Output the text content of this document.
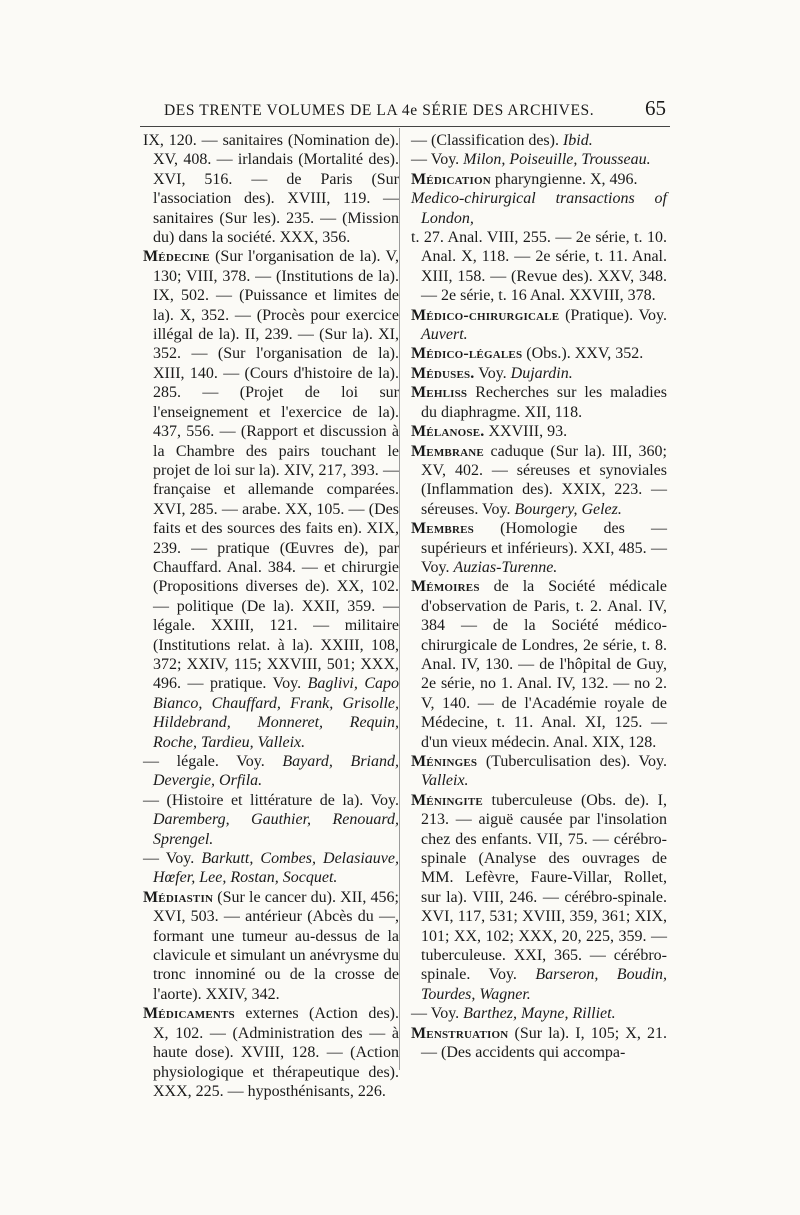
DES TRENTE VOLUMES DE LA 4e SÉRIE DES ARCHIVES. 65

IX, 120. — sanitaires (Nomination de). XV, 408. — irlandais (Mortalité des). XVI, 516. — de Paris (Sur l'association des). XVIII, 119. — sanitaires (Sur les). 235. — (Mission du) dans la société. XXX, 356.

Médecine (Sur l'organisation de la). V, 130; VIII, 378. — (Institutions de la). IX, 502. — (Puissance et limites de la). X, 352. — (Procès pour exercice illégal de la). II, 239. — (Sur la). XI, 352. — (Sur l'organisation de la). XIII, 140. — (Cours d'histoire de la). 285. — (Projet de loi sur l'enseignement et l'exercice de la). 437, 556. — (Rapport et discussion à la Chambre des pairs touchant le projet de loi sur la). XIV, 217, 393. — française et allemande comparées. XVI, 285. — arabe. XX, 105. — (Des faits et des sources des faits en). XIX, 239. — pratique (Œuvres de), par Chauffard. Anal. 384. — et chirurgie (Propositions diverses de). XX, 102. — politique (De la). XXII, 359. — légale. XXIII, 121. — militaire (Institutions relat. à la). XXIII, 108, 372; XXIV, 115; XXVIII, 501; XXX, 496. — pratique. Voy. Baglivi, Capo Bianco, Chauffard, Frank, Grisolle, Hildebrand, Monneret, Requin, Roche, Tardieu, Valleix.

— légale. Voy. Bayard, Briand, Devergie, Orfila.

— (Histoire et littérature de la). Voy. Daremberg, Gauthier, Renouard, Sprengel.

— Voy. Barkutt, Combes, Delasiauve, Hœfer, Lee, Rostan, Socquet.

Médiastin (Sur le cancer du). XII, 456; XVI, 503. — antérieur (Abcès du —, formant une tumeur au-dessus de la clavicule et simulant un anévrysme du tronc innominé ou de la crosse de l'aorte). XXIV, 342.

Médicaments externes (Action des). X, 102. — (Administration des — à haute dose). XVIII, 128. — (Action physiologique et thérapeutique des). XXX, 225. — hyposthénisants, 226.

— (Classification des). Ibid.

— Voy. Milon, Poiseuille, Trousseau.

Médication pharyngienne. X, 496.

Medico-chirurgical transactions of London,

t. 27. Anal. VIII, 255. — 2e série, t. 10. Anal. X, 118. — 2e série, t. 11. Anal. XIII, 158. — (Revue des). XXV, 348. — 2e série, t. 16 Anal. XXVIII, 378.

Médico-chirurgicale (Pratique). Voy. Auvert.

Médico-légales (Obs.). XXV, 352.

Méduses. Voy. Dujardin.

Mehliss Recherches sur les maladies du diaphragme. XII, 118.

Mélanose. XXVIII, 93.

Membrane caduque (Sur la). III, 360; XV, 402. — séreuses et synoviales (Inflammation des). XXIX, 223. — séreuses. Voy. Bourgery, Gelez.

Membres (Homologie des — supérieurs et inférieurs). XXI, 485. — Voy. Auzias-Turenne.

Mémoires de la Société médicale d'observation de Paris, t. 2. Anal. IV, 384 — de la Société médico-chirurgicale de Londres, 2e série, t. 8. Anal. IV, 130. — de l'hôpital de Guy, 2e série, no 1. Anal. IV, 132. — no 2. V, 140. — de l'Académie royale de Médecine, t. 11. Anal. XI, 125. — d'un vieux médecin. Anal. XIX, 128.

Méninges (Tuberculisation des). Voy. Valleix.

Méningite tuberculeuse (Obs. de). I, 213. — aiguë causée par l'insolation chez des enfants. VII, 75. — cérébro-spinale (Analyse des ouvrages de MM. Lefèvre, Faure-Villar, Rollet, sur la). VIII, 246. — cérébro-spinale. XVI, 117, 531; XVIII, 359, 361; XIX, 101; XX, 102; XXX, 20, 225, 359. — tuberculeuse. XXI, 365. — cérébro-spinale. Voy. Barseron, Boudin, Tourdes, Wagner.

— Voy. Barthez, Mayne, Rilliet.

Menstruation (Sur la). I, 105; X, 21. — (Des accidents qui accompa-
